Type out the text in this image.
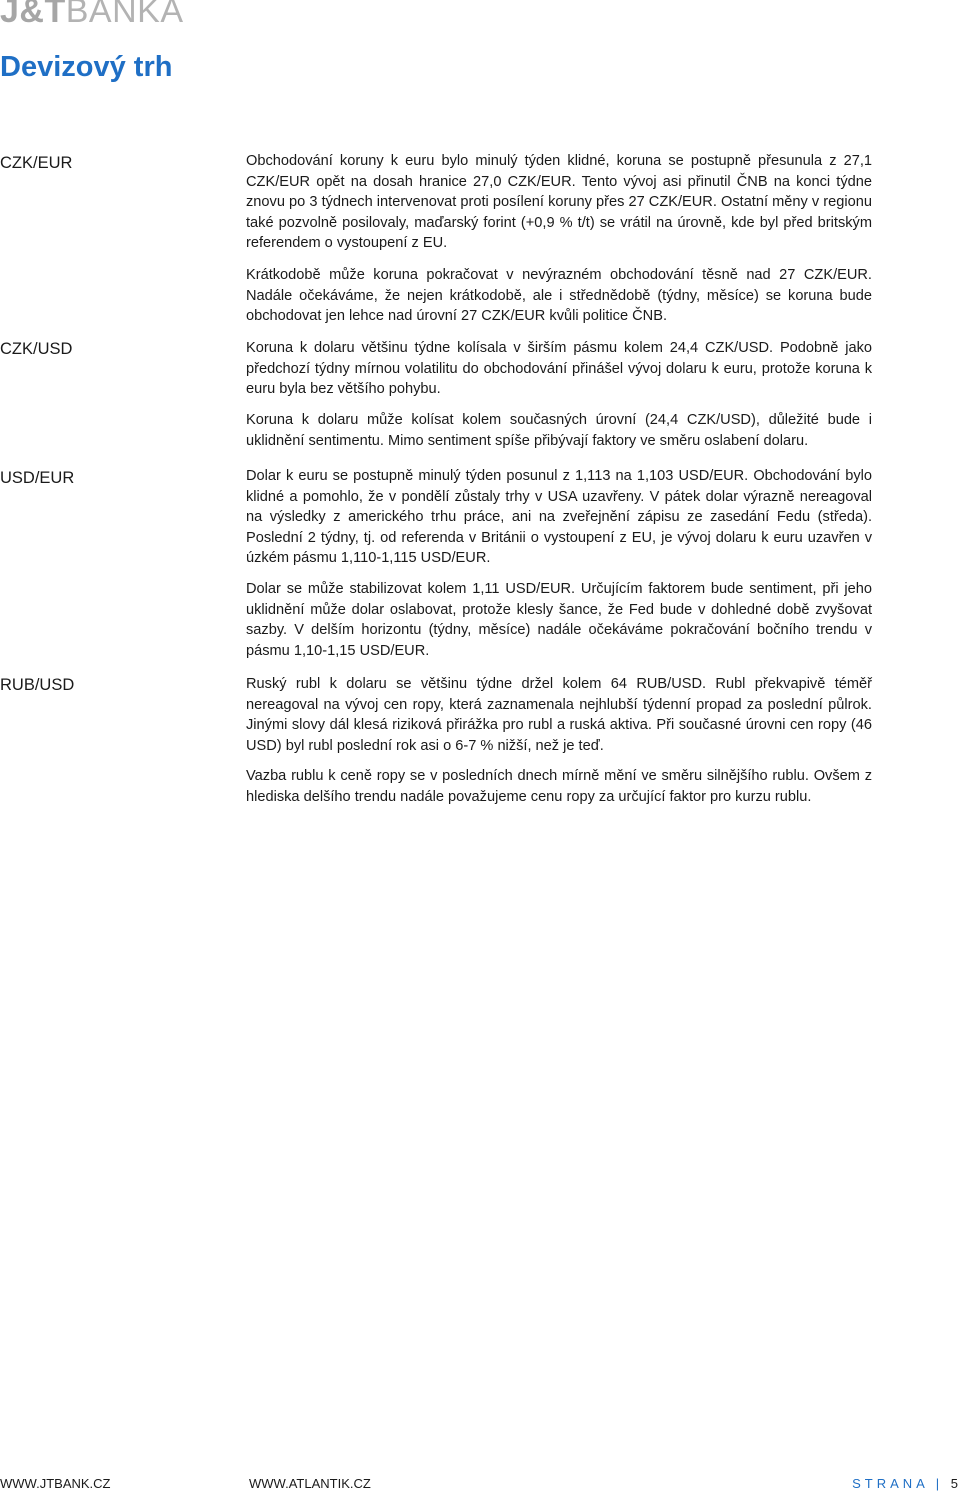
J&TBANKA
Devizový trh
CZK/EUR	Obchodování koruny k euru bylo minulý týden klidné, koruna se postupně přesunula z 27,1 CZK/EUR opět na dosah hranice 27,0 CZK/EUR. Tento vývoj asi přinutil ČNB na konci týdne znovu po 3 týdnech intervenovat proti posílení koruny přes 27 CZK/EUR. Ostatní měny v regionu také pozvolně posilovaly, maďarský forint (+0,9 % t/t) se vrátil na úrovně, kde byl před britským referendem o vystoupení z EU.

Krátkodobě může koruna pokračovat v nevýrazném obchodování těsně nad 27 CZK/EUR. Nadále očekáváme, že nejen krátkodobě, ale i střednědobě (týdny, měsíce) se koruna bude obchodovat jen lehce nad úrovní 27 CZK/EUR kvůli politice ČNB.

CZK/USD	Koruna k dolaru většinu týdne kolísala v širším pásmu kolem 24,4 CZK/USD. Podobně jako předchozí týdny mírnou volatilitu do obchodování přinášel vývoj dolaru k euru, protože koruna k euru byla bez většího pohybu.

Koruna k dolaru může kolísat kolem současných úrovní (24,4 CZK/USD), důležité bude i uklidnění sentimentu. Mimo sentiment spíše přibývají faktory ve směru oslabení dolaru.

USD/EUR	Dolar k euru se postupně minulý týden posunul z 1,113 na 1,103 USD/EUR. Obchodování bylo klidné a pomohlo, že v pondělí zůstaly trhy v USA uzavřeny. V pátek dolar výrazně nereagoval na výsledky z amerického trhu práce, ani na zveřejnění zápisu ze zasedání Fedu (středa). Poslední 2 týdny, tj. od referenda v Británii o vystoupení z EU, je vývoj dolaru k euru uzavřen v úzkém pásmu 1,110-1,115 USD/EUR.

Dolar se může stabilizovat kolem 1,11 USD/EUR. Určujícím faktorem bude sentiment, při jeho uklidnění může dolar oslabovat, protože klesly šance, že Fed bude v dohledné době zvyšovat sazby. V delším horizontu (týdny, měsíce) nadále očekáváme pokračování bočního trendu v pásmu 1,10-1,15 USD/EUR.

RUB/USD	Ruský rubl k dolaru se většinu týdne držel kolem 64 RUB/USD. Rubl překvapivě téměř nereagoval na vývoj cen ropy, která zaznamenala nejhlubší týdenní propad za poslední půlrok. Jinými slovy dál klesá riziková přirážka pro rubl a ruská aktiva. Při současné úrovni cen ropy (46 USD) byl rubl poslední rok asi o 6-7 % nižší, než je teď.

Vazba rublu k ceně ropy se v posledních dnech mírně mění ve směru silnějšího rublu. Ovšem z hlediska delšího trendu nadále považujeme cenu ropy za určující faktor pro kurzu rublu.

WWW.JTBANK.CZ	WWW.ATLANTIK.CZ	STRANA | 5
